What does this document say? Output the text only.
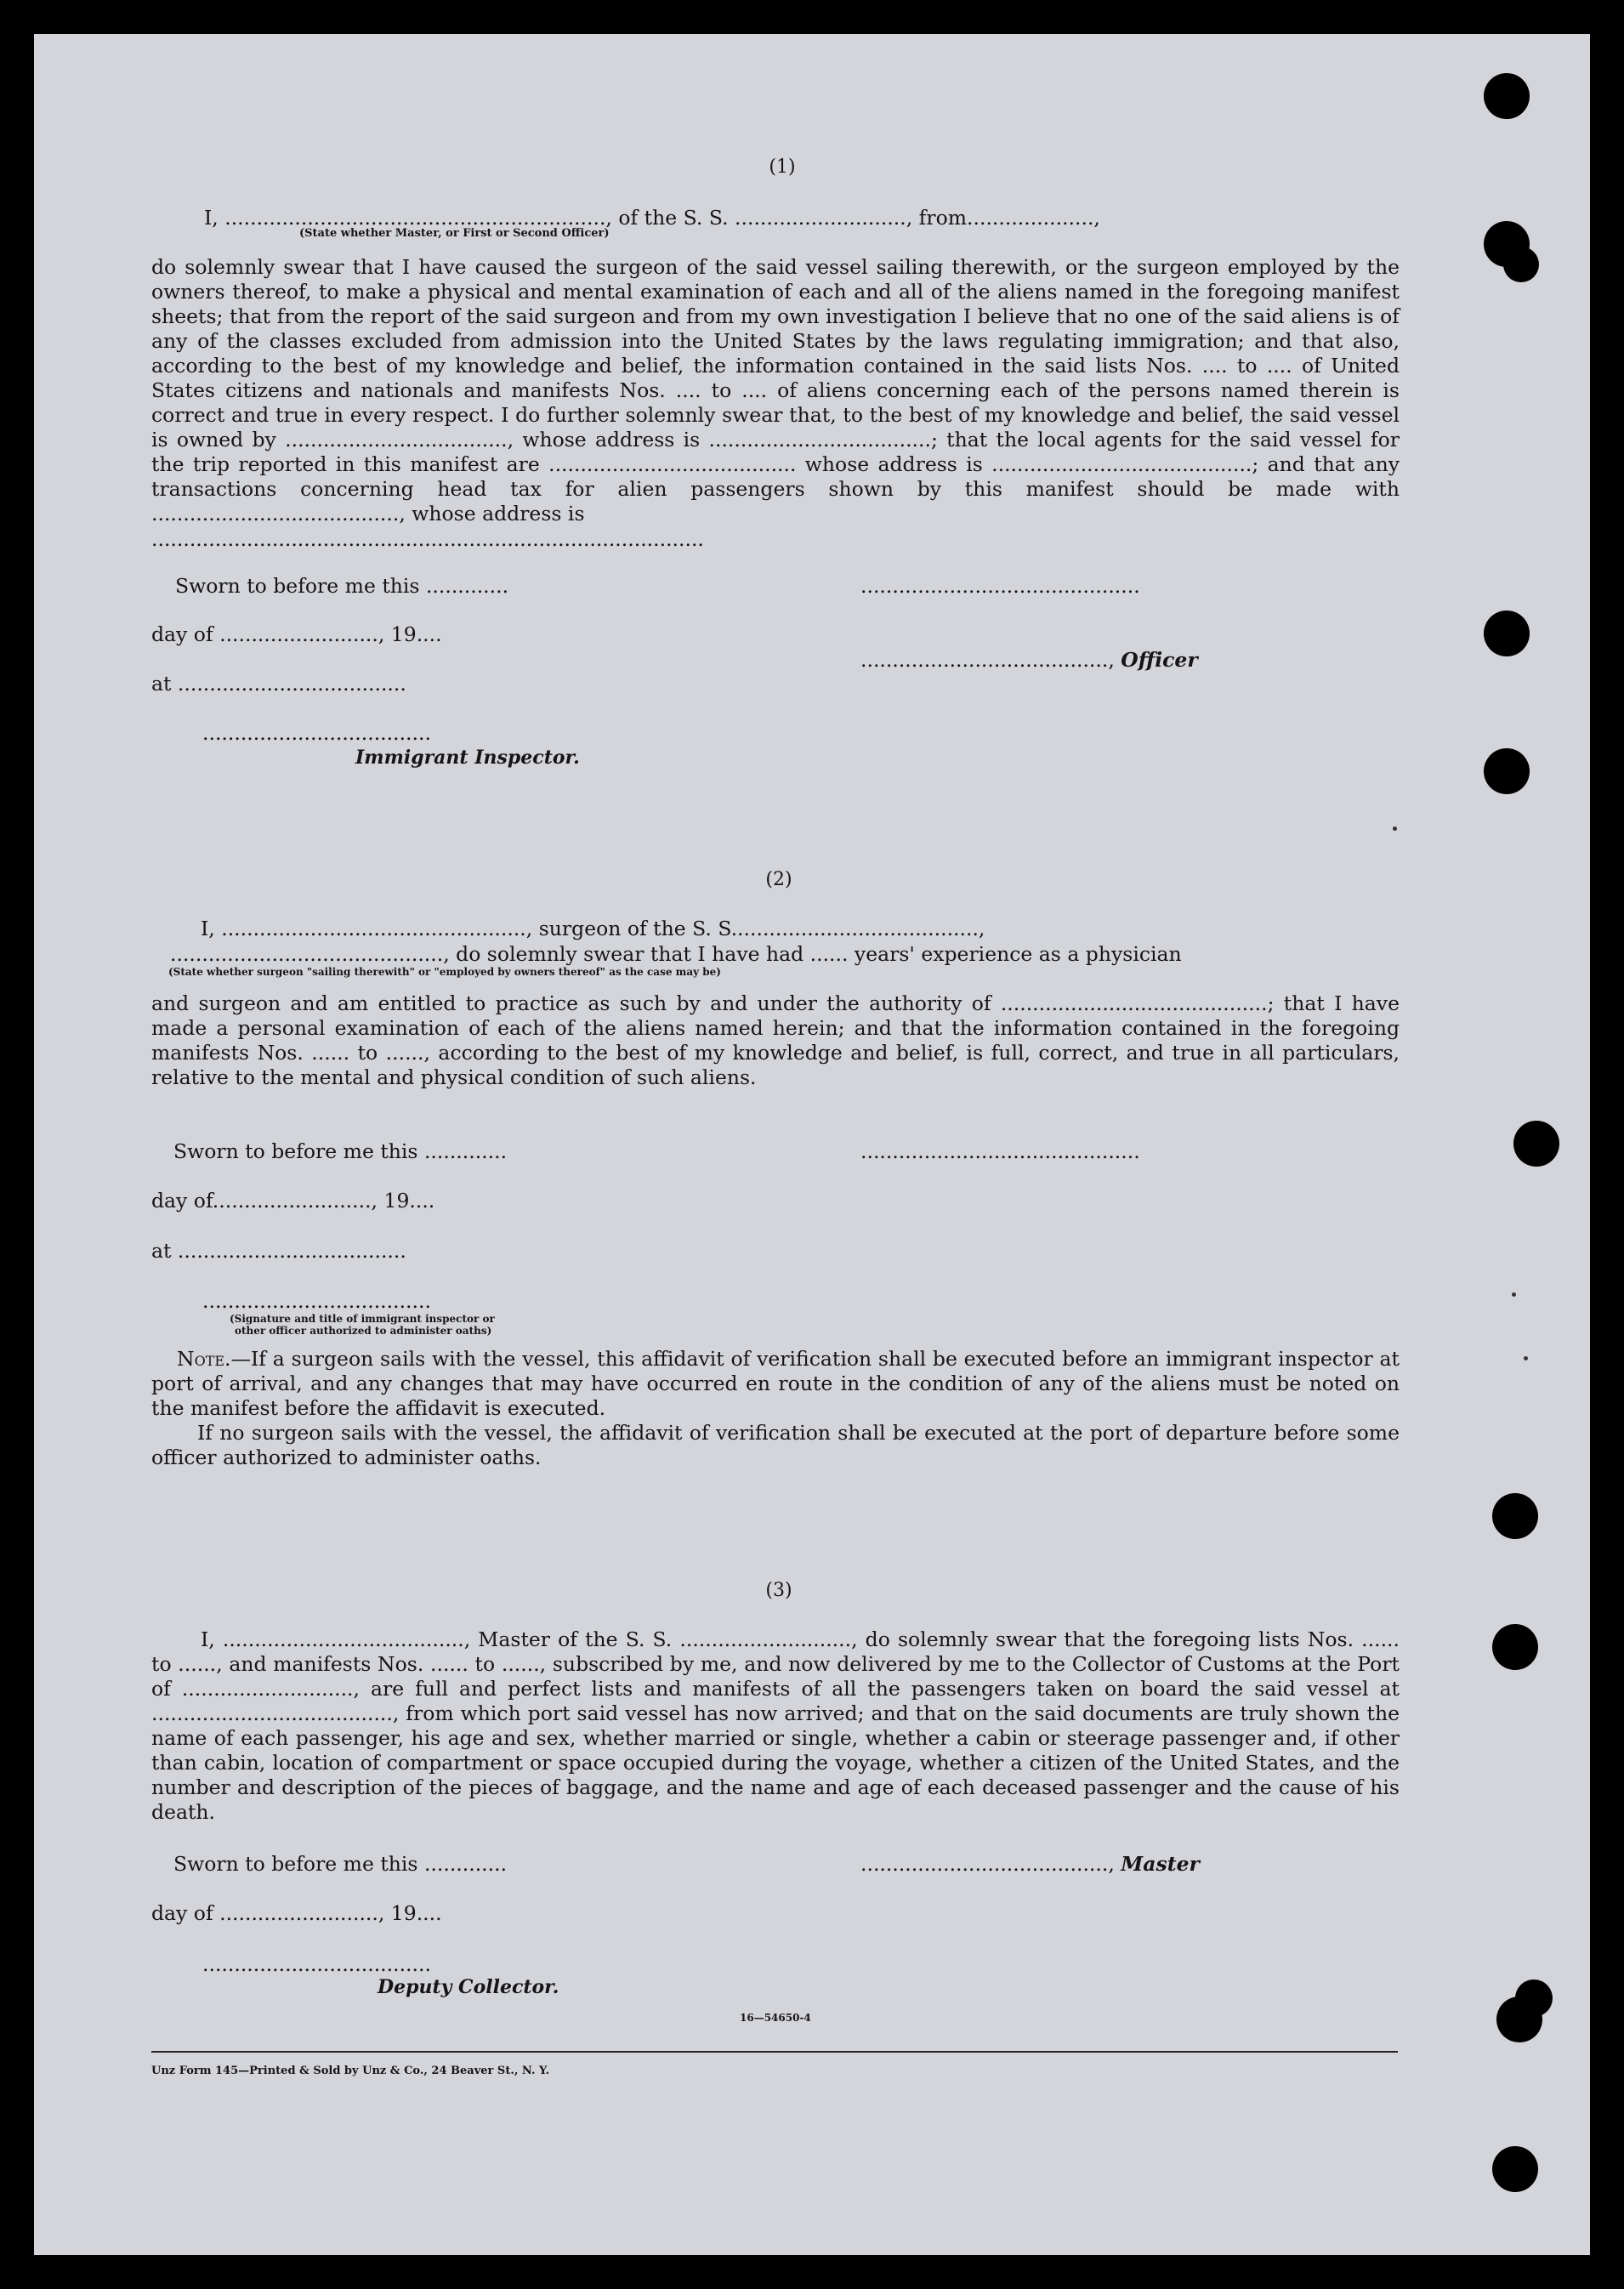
(1)
I, ............................................................, of the S. S. ..........................., from....................,
(State whether Master, or First or Second Officer)
do solemnly swear that I have caused the surgeon of the said vessel sailing therewith, or the surgeon employed by the owners thereof, to make a physical and mental examination of each and all of the aliens named in the foregoing manifest sheets; that from the report of the said surgeon and from my own investigation I believe that no one of the said aliens is of any of the classes excluded from admission into the United States by the laws regulating immigration; and that also, according to the best of my knowledge and belief, the information contained in the said lists Nos. .... to .... of United States citizens and nationals and manifests Nos. .... to .... of aliens concerning each of the persons named therein is correct and true in every respect. I do further solemnly swear that, to the best of my knowledge and belief, the said vessel is owned by ..................................., whose address is ...................................; that the local agents for the said vessel for the trip reported in this manifest are ....................................... whose address is .........................................; and that any transactions concerning head tax for alien passengers shown by this manifest should be made with ......................................., whose address is
.......................................................................................
Sworn to before me this .............
day of ........................., 19....
at ....................................
....................................
Immigrant Inspector.
............................................
......................................., Officer
(2)
I, ................................................, surgeon of the S. S.......................................,
..........................................., do solemnly swear that I have had ...... years' experience as a physician
(State whether surgeon "sailing therewith" or "employed by owners thereof" as the case may be)
and surgeon and am entitled to practice as such by and under the authority of ..........................................; that I have made a personal examination of each of the aliens named herein; and that the information contained in the foregoing manifests Nos. ...... to ......, according to the best of my knowledge and belief, is full, correct, and true in all particulars, relative to the mental and physical condition of such aliens.
Sworn to before me this .............
day of........................., 19....
at ....................................
....................................
(Signature and title of immigrant inspector or
other officer authorized to administer oaths)
............................................
Note.—If a surgeon sails with the vessel, this affidavit of verification shall be executed before an immigrant inspector at port of arrival, and any changes that may have occurred en route in the condition of any of the aliens must be noted on the manifest before the affidavit is executed.
If no surgeon sails with the vessel, the affidavit of verification shall be executed at the port of departure before some officer authorized to administer oaths.
(3)
I, ......................................, Master of the S. S. ..........................., do solemnly swear that the foregoing lists Nos. ...... to ......, and manifests Nos. ...... to ......, subscribed by me, and now delivered by me to the Collector of Customs at the Port of ..........................., are full and perfect lists and manifests of all the passengers taken on board the said vessel at ......................................, from which port said vessel has now arrived; and that on the said documents are truly shown the name of each passenger, his age and sex, whether married or single, whether a cabin or steerage passenger and, if other than cabin, location of compartment or space occupied during the voyage, whether a citizen of the United States, and the number and description of the pieces of baggage, and the name and age of each deceased passenger and the cause of his death.
Sworn to before me this .............
day of ........................., 19....
....................................
Deputy Collector.
......................................., Master
16—54650-4
Unz Form 145—Printed & Sold by Unz & Co., 24 Beaver St., N. Y.
